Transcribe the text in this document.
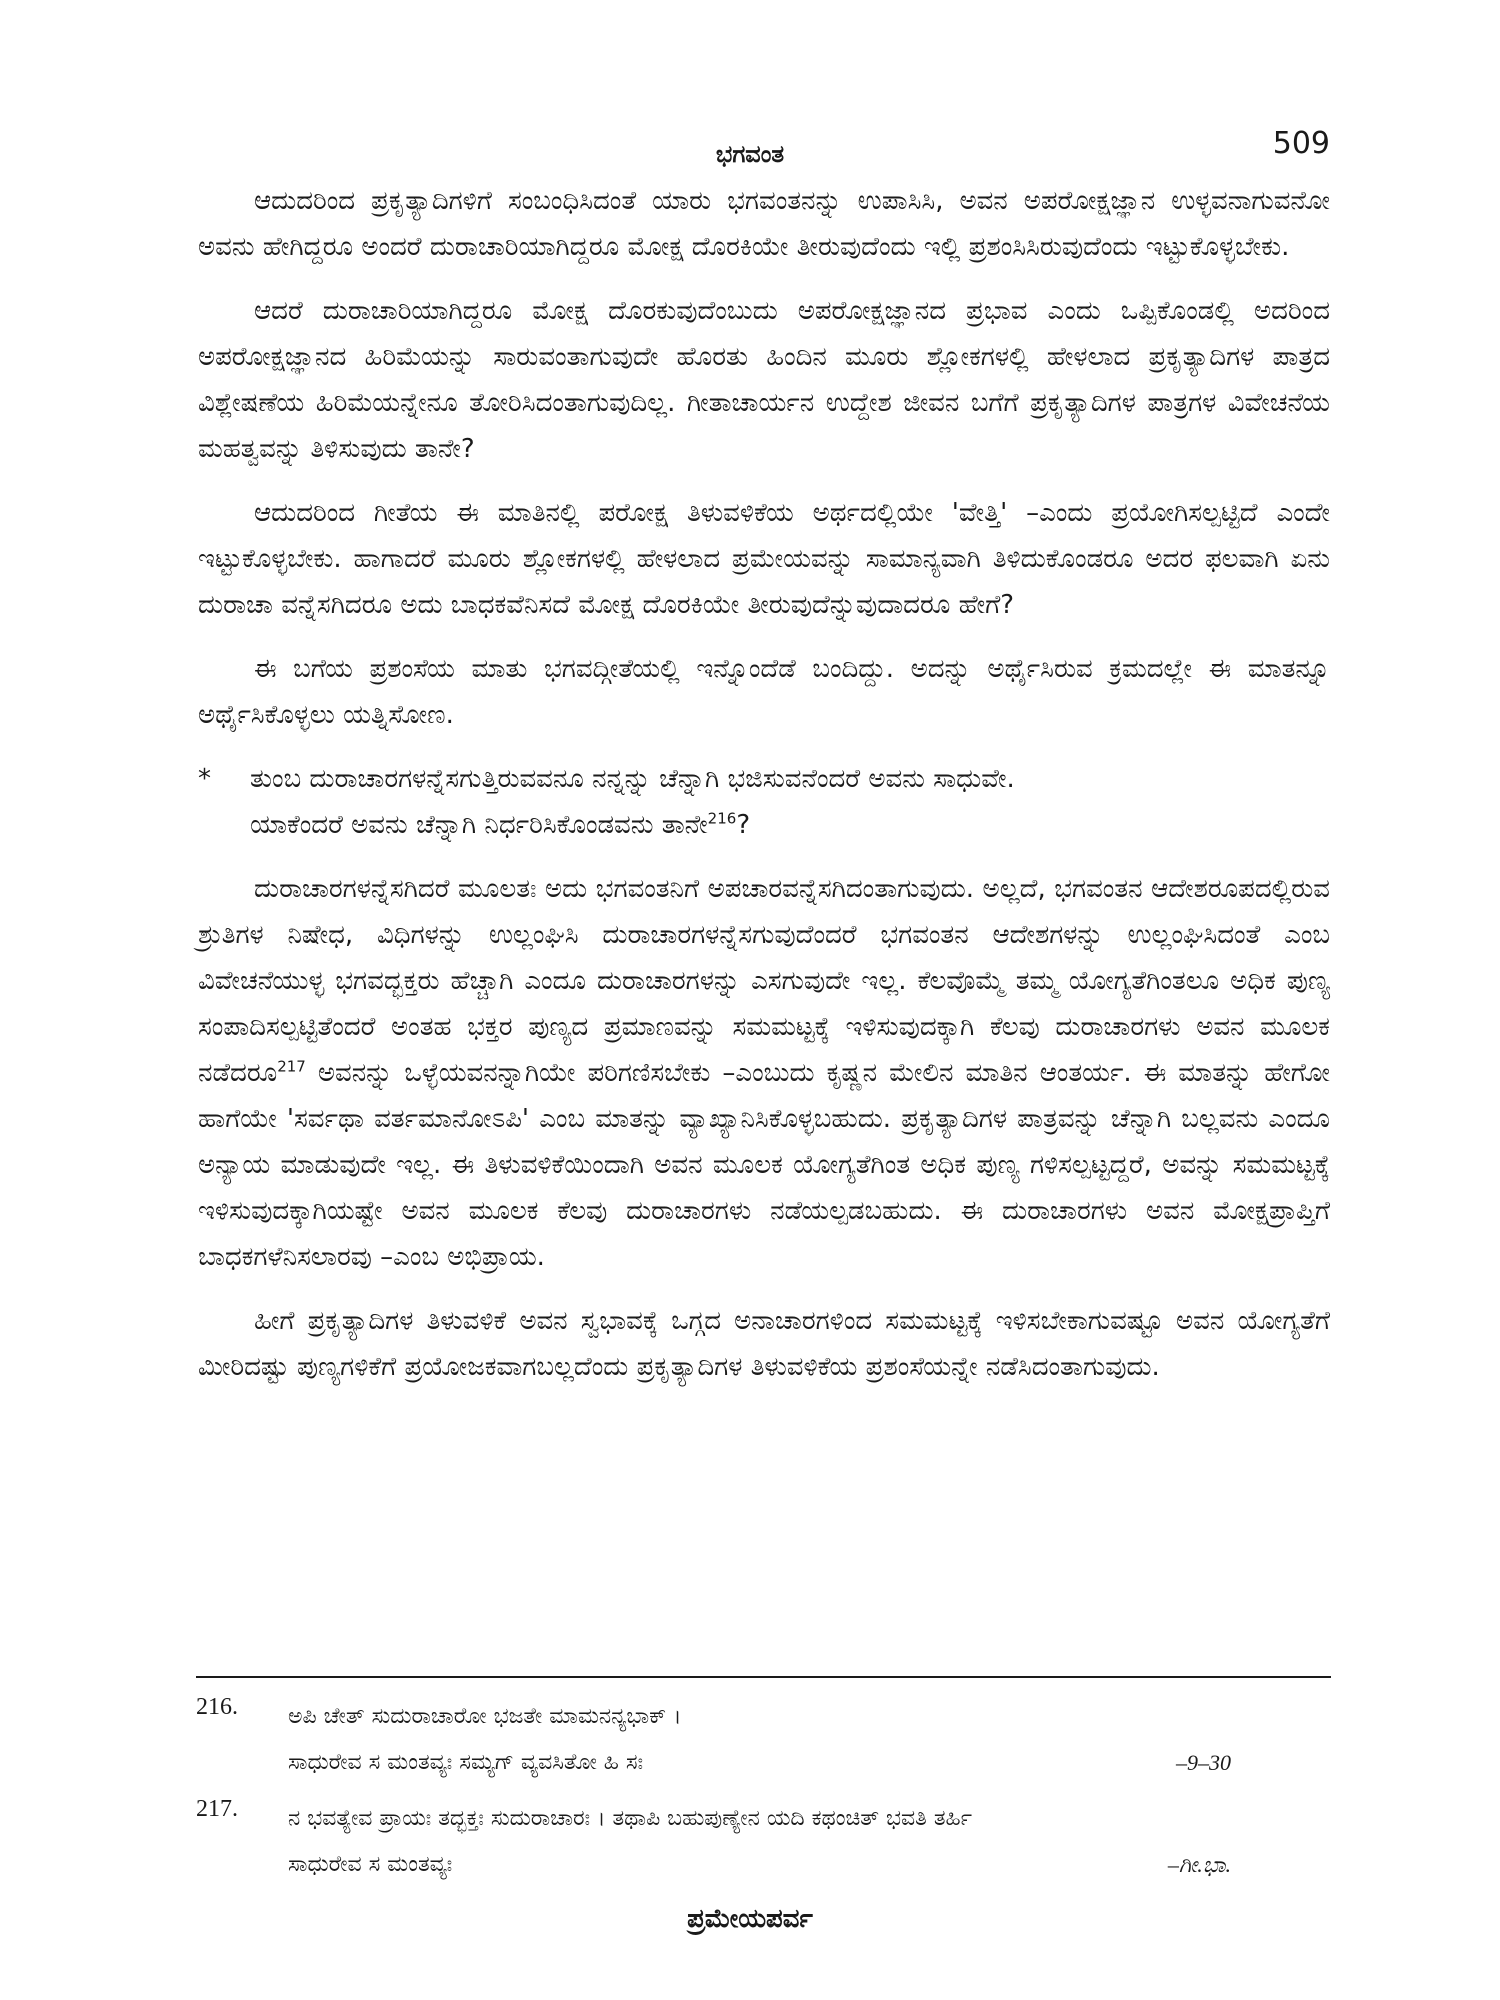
ಭಗವಂತ	509

ಆದುದರಿಂದ ಪ್ರಕೃತ್ಯಾದಿಗಳಿಗೆ ಸಂಬಂಧಿಸಿದಂತೆ ಯಾರು ಭಗವಂತನನ್ನು ಉಪಾಸಿಸಿ, ಅವನ ಅಪರೋಕ್ಷಜ್ಞಾನ ಉಳ್ಳವನಾಗುವನೋ ಅವನು ಹೇಗಿದ್ದರೂ ಅಂದರೆ ದುರಾಚಾರಿಯಾಗಿದ್ದರೂ ಮೋಕ್ಷ ದೊರಕಿಯೇ ತೀರುವುದೆಂದು ಇಲ್ಲಿ ಪ್ರಶಂಸಿಸಿರುವುದೆಂದು ಇಟ್ಟುಕೊಳ್ಳಬೇಕು.

ಆದರೆ ದುರಾಚಾರಿಯಾಗಿದ್ದರೂ ಮೋಕ್ಷ ದೊರಕುವುದೆಂಬುದು ಅಪರೋಕ್ಷಜ್ಞಾನದ ಪ್ರಭಾವ ಎಂದು ಒಪ್ಪಿಕೊಂಡಲ್ಲಿ ಅದರಿಂದ ಅಪರೋಕ್ಷಜ್ಞಾನದ ಹಿರಿಮೆಯನ್ನು ಸಾರುವಂತಾಗುವುದೇ ಹೊರತು ಹಿಂದಿನ ಮೂರು ಶ್ಲೋಕಗಳಲ್ಲಿ ಹೇಳಲಾದ ಪ್ರಕೃತ್ಯಾದಿಗಳ ಪಾತ್ರದ ವಿಶ್ಲೇಷಣೆಯ ಹಿರಿಮೆಯನ್ನೇನೂ ತೋರಿಸಿದಂತಾಗುವುದಿಲ್ಲ. ಗೀತಾಚಾರ್ಯನ ಉದ್ದೇಶ ಜೀವನ ಬಗೆಗೆ ಪ್ರಕೃತ್ಯಾದಿಗಳ ಪಾತ್ರಗಳ ವಿವೇಚನೆಯ ಮಹತ್ವವನ್ನು ತಿಳಿಸುವುದು ತಾನೇ?

ಆದುದರಿಂದ ಗೀತೆಯ ಈ ಮಾತಿನಲ್ಲಿ ಪರೋಕ್ಷ ತಿಳುವಳಿಕೆಯ ಅರ್ಥದಲ್ಲಿಯೇ 'ವೇತ್ತಿ' –ಎಂದು ಪ್ರಯೋಗಿಸಲ್ಪಟ್ಟಿದೆ ಎಂದೇ ಇಟ್ಟುಕೊಳ್ಳಬೇಕು. ಹಾಗಾದರೆ ಮೂರು ಶ್ಲೋಕಗಳಲ್ಲಿ ಹೇಳಲಾದ ಪ್ರಮೇಯವನ್ನು ಸಾಮಾನ್ಯವಾಗಿ ತಿಳಿದುಕೊಂಡರೂ ಅದರ ಫಲವಾಗಿ ಏನು ದುರಾಚಾ ವನ್ನೆಸಗಿದರೂ ಅದು ಬಾಧಕವೆನಿಸದೆ ಮೋಕ್ಷ ದೊರಕಿಯೇ ತೀರುವುದೆನ್ನುವುದಾದರೂ ಹೇಗೆ?

ಈ ಬಗೆಯ ಪ್ರಶಂಸೆಯ ಮಾತು ಭಗವದ್ಗೀತೆಯಲ್ಲಿ ಇನ್ನೊಂದೆಡೆ ಬಂದಿದ್ದು. ಅದನ್ನು ಅರ್ಥೈಸಿರುವ ಕ್ರಮದಲ್ಲೇ ಈ ಮಾತನ್ನೂ ಅರ್ಥೈಸಿಕೊಳ್ಳಲು ಯತ್ನಿಸೋಣ.

* ತುಂಬ ದುರಾಚಾರಗಳನ್ನೆಸಗುತ್ತಿರುವವನೂ ನನ್ನನ್ನು ಚೆನ್ನಾಗಿ ಭಜಿಸುವನೆಂದರೆ ಅವನು ಸಾಧುವೇ.
ಯಾಕೆಂದರೆ ಅವನು ಚೆನ್ನಾಗಿ ನಿರ್ಧರಿಸಿಕೊಂಡವನು ತಾನೇ$^{216}$?

ದುರಾಚಾರಗಳನ್ನೆಸಗಿದರೆ ಮೂಲತಃ ಅದು ಭಗವಂತನಿಗೆ ಅಪಚಾರವನ್ನೆಸಗಿದಂತಾಗುವುದು. ಅಲ್ಲದೆ, ಭಗವಂತನ ಆದೇಶರೂಪದಲ್ಲಿರುವ ಶ್ರುತಿಗಳ ನಿಷೇಧ, ವಿಧಿಗಳನ್ನು ಉಲ್ಲಂಘಿಸಿ ದುರಾಚಾರಗಳನ್ನೆಸಗುವುದೆಂದರೆ ಭಗವಂತನ ಆದೇಶಗಳನ್ನು ಉಲ್ಲಂಘಿಸಿದಂತೆ ಎಂಬ ವಿವೇಚನೆಯುಳ್ಳ ಭಗವದ್ಭಕ್ತರು ಹೆಚ್ಚಾಗಿ ಎಂದೂ ದುರಾಚಾರಗಳನ್ನು ಎಸಗುವುದೇ ಇಲ್ಲ. ಕೆಲವೊಮ್ಮೆ ತಮ್ಮ ಯೋಗ್ಯತೆಗಿಂತಲೂ ಅಧಿಕ ಪುಣ್ಯ ಸಂಪಾದಿಸಲ್ಪಟ್ಟಿತೆಂದರೆ ಅಂತಹ ಭಕ್ತರ ಪುಣ್ಯದ ಪ್ರಮಾಣವನ್ನು ಸಮಮಟ್ಟಕ್ಕೆ ಇಳಿಸುವುದಕ್ಕಾಗಿ ಕೆಲವು ದುರಾಚಾರಗಳು ಅವನ ಮೂಲಕ ನಡೆದರೂ$^{217}$ ಅವನನ್ನು ಒಳ್ಳೆಯವನನ್ನಾಗಿಯೇ ಪರಿಗಣಿಸಬೇಕು –ಎಂಬುದು ಕೃಷ್ಣನ ಮೇಲಿನ ಮಾತಿನ ಆಂತರ್ಯ. ಈ ಮಾತನ್ನು ಹೇಗೋ ಹಾಗೆಯೇ 'ಸರ್ವಥಾ ವರ್ತಮಾನೋಽಪಿ' ಎಂಬ ಮಾತನ್ನು ವ್ಯಾಖ್ಯಾನಿಸಿಕೊಳ್ಳಬಹುದು. ಪ್ರಕೃತ್ಯಾದಿಗಳ ಪಾತ್ರವನ್ನು ಚೆನ್ನಾಗಿ ಬಲ್ಲವನು ಎಂದೂ ಅನ್ಯಾಯ ಮಾಡುವುದೇ ಇಲ್ಲ. ಈ ತಿಳುವಳಿಕೆಯಿಂದಾಗಿ ಅವನ ಮೂಲಕ ಯೋಗ್ಯತೆಗಿಂತ ಅಧಿಕ ಪುಣ್ಯ ಗಳಿಸಲ್ಪಟ್ಟದ್ದರೆ, ಅವನ್ನು ಸಮಮಟ್ಟಕ್ಕೆ ಇಳಿಸುವುದಕ್ಕಾಗಿಯಷ್ಟೇ ಅವನ ಮೂಲಕ ಕೆಲವು ದುರಾಚಾರಗಳು ನಡೆಯಲ್ಪಡಬಹುದು. ಈ ದುರಾಚಾರಗಳು ಅವನ ಮೋಕ್ಷಪ್ರಾಪ್ತಿಗೆ ಬಾಧಕಗಳೆನಿಸಲಾರವು –ಎಂಬ ಅಭಿಪ್ರಾಯ.

ಹೀಗೆ ಪ್ರಕೃತ್ಯಾದಿಗಳ ತಿಳುವಳಿಕೆ ಅವನ ಸ್ವಭಾವಕ್ಕೆ ಒಗ್ಗದ ಅನಾಚಾರಗಳಿಂದ ಸಮಮಟ್ಟಕ್ಕೆ ಇಳಿಸಬೇಕಾಗುವಷ್ಟೂ ಅವನ ಯೋಗ್ಯತೆಗೆ ಮೀರಿದಷ್ಟು ಪುಣ್ಯಗಳಿಕೆಗೆ ಪ್ರಯೋಜಕವಾಗಬಲ್ಲದೆಂದು ಪ್ರಕೃತ್ಯಾದಿಗಳ ತಿಳುವಳಿಕೆಯ ಪ್ರಶಂಸೆಯನ್ನೇ ನಡೆಸಿದಂತಾಗುವುದು.

216.	ಅಪಿ ಚೇತ್ ಸುದುರಾಚಾರೋ ಭಜತೇ ಮಾಮನನ್ಯಭಾಕ್ ।
ಸಾಧುರೇವ ಸ ಮಂತವ್ಯಃ ಸಮ್ಯಗ್ ವ್ಯವಸಿತೋ ಹಿ ಸಃ	–9–30
217.	ನ ಭವತ್ಯೇವ ಪ್ರಾಯಃ ತದ್ಭಕ್ತಃ ಸುದುರಾಚಾರಃ । ತಥಾಪಿ ಬಹುಪುಣ್ಯೇನ ಯದಿ ಕಥಂಚಿತ್ ಭವತಿ ತರ್ಹಿ
ಸಾಧುರೇವ ಸ ಮಂತವ್ಯಃ	–ಗೀ.ಭಾ.
ಪ್ರಮೇಯಪರ್ವ
